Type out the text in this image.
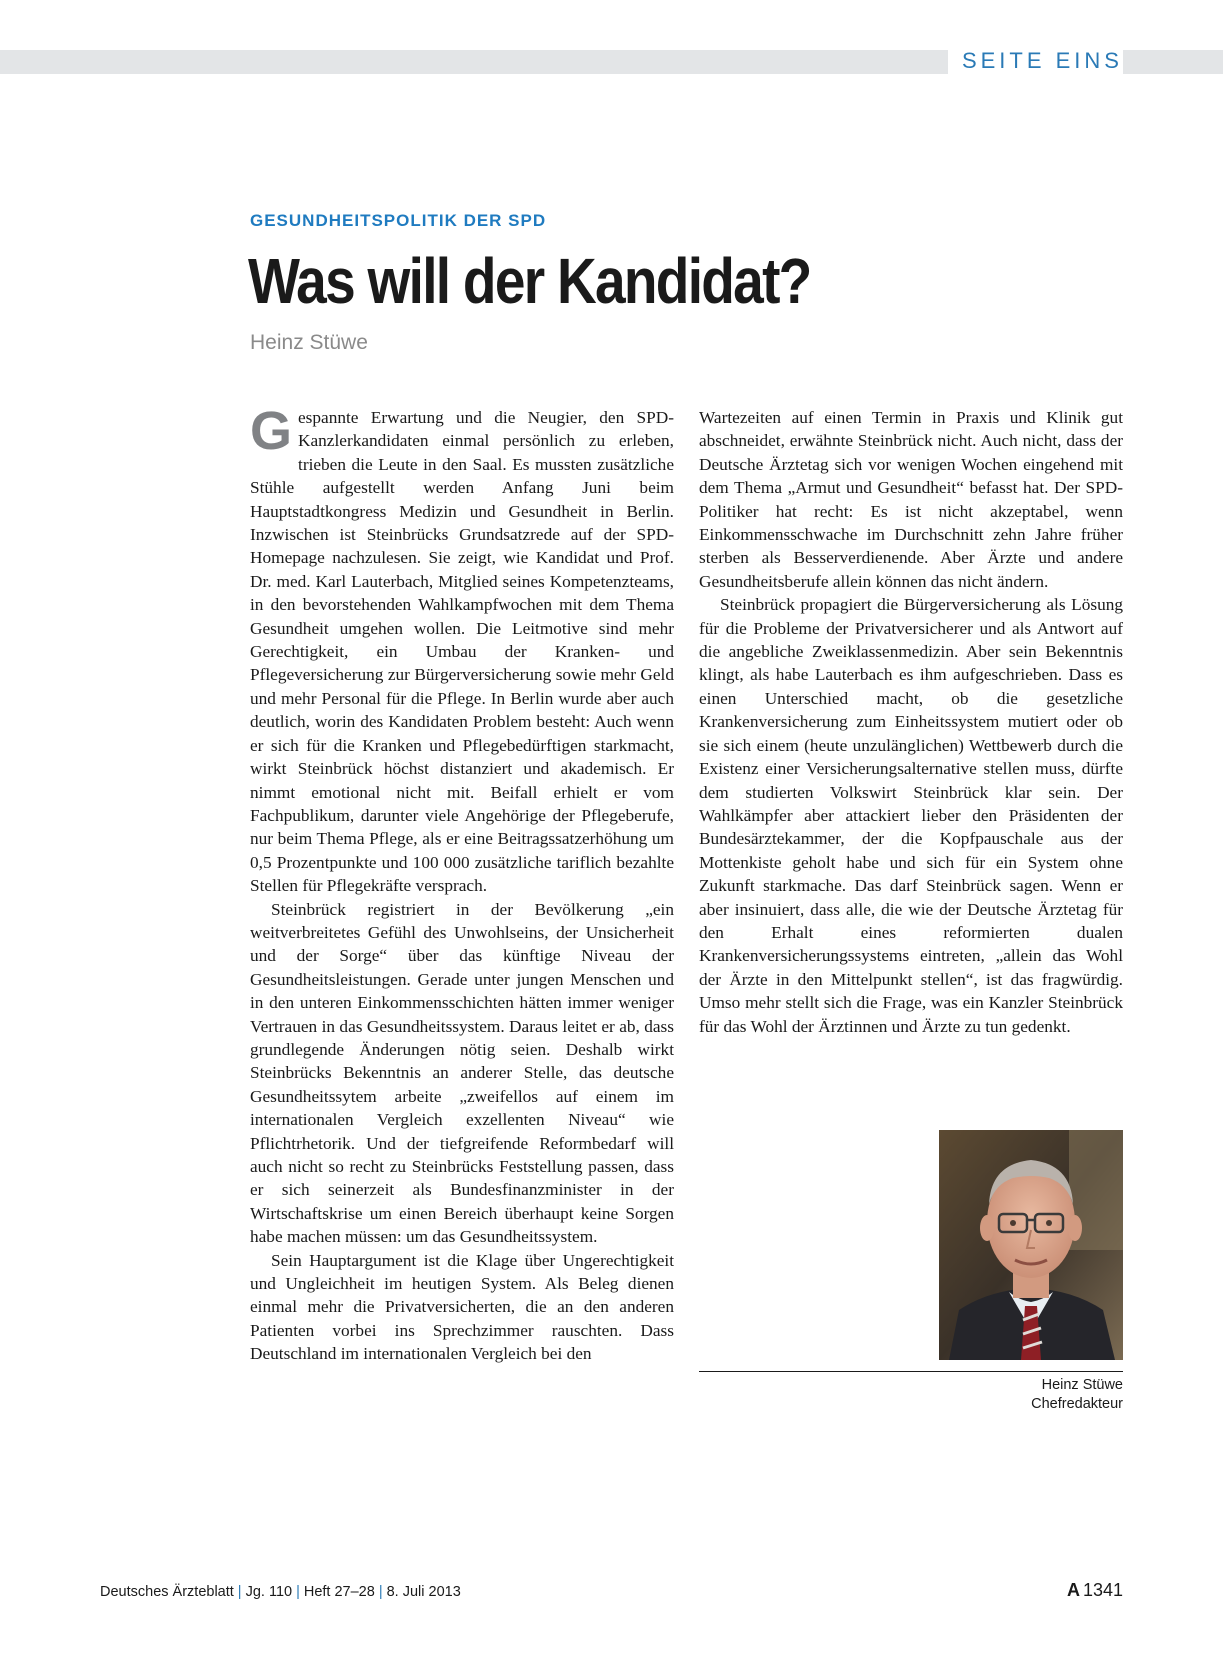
SEITE EINS
GESUNDHEITSPOLITIK DER SPD
Was will der Kandidat?
Heinz Stüwe

Gespannte Erwartung und die Neugier, den SPD-Kanzlerkandidaten einmal persönlich zu erleben, trieben die Leute in den Saal. Es mussten zusätzliche Stühle aufgestellt werden Anfang Juni beim Hauptstadtkongress Medizin und Gesundheit in Berlin. Inzwischen ist Steinbrücks Grundsatzrede auf der SPD-Homepage nachzulesen. Sie zeigt, wie Kandidat und Prof. Dr. med. Karl Lauterbach, Mitglied seines Kompetenzteams, in den bevorstehenden Wahlkampfwochen mit dem Thema Gesundheit umgehen wollen. Die Leitmotive sind mehr Gerechtigkeit, ein Umbau der Kranken- und Pflegeversicherung zur Bürgerversicherung sowie mehr Geld und mehr Personal für die Pflege. In Berlin wurde aber auch deutlich, worin des Kandidaten Problem besteht: Auch wenn er sich für die Kranken und Pflegebedürftigen starkmacht, wirkt Steinbrück höchst distanziert und akademisch. Er nimmt emotional nicht mit. Beifall erhielt er vom Fachpublikum, darunter viele Angehörige der Pflegeberufe, nur beim Thema Pflege, als er eine Beitragssatzerhöhung um 0,5 Prozentpunkte und 100 000 zusätzliche tariflich bezahlte Stellen für Pflegekräfte versprach.

Steinbrück registriert in der Bevölkerung „ein weitverbreitetes Gefühl des Unwohlseins, der Unsicherheit und der Sorge“ über das künftige Niveau der Gesundheitsleistungen. Gerade unter jungen Menschen und in den unteren Einkommensschichten hätten immer weniger Vertrauen in das Gesundheitssystem. Daraus leitet er ab, dass grundlegende Änderungen nötig seien. Deshalb wirkt Steinbrücks Bekenntnis an anderer Stelle, das deutsche Gesundheitssytem arbeite „zweifellos auf einem im internationalen Vergleich exzellenten Niveau“ wie Pflichtrhetorik. Und der tiefgreifende Reformbedarf will auch nicht so recht zu Steinbrücks Feststellung passen, dass er sich seinerzeit als Bundesfinanzminister in der Wirtschaftskrise um einen Bereich überhaupt keine Sorgen habe machen müssen: um das Gesundheitssystem.

Sein Hauptargument ist die Klage über Ungerechtigkeit und Ungleichheit im heutigen System. Als Beleg dienen einmal mehr die Privatversicherten, die an den anderen Patienten vorbei ins Sprechzimmer rauschten. Dass Deutschland im internationalen Vergleich bei den

Wartezeiten auf einen Termin in Praxis und Klinik gut abschneidet, erwähnte Steinbrück nicht. Auch nicht, dass der Deutsche Ärztetag sich vor wenigen Wochen eingehend mit dem Thema „Armut und Gesundheit“ befasst hat. Der SPD-Politiker hat recht: Es ist nicht akzeptabel, wenn Einkommensschwache im Durchschnitt zehn Jahre früher sterben als Besserverdienende. Aber Ärzte und andere Gesundheitsberufe allein können das nicht ändern.

Steinbrück propagiert die Bürgerversicherung als Lösung für die Probleme der Privatversicherer und als Antwort auf die angebliche Zweiklassenmedizin. Aber sein Bekenntnis klingt, als habe Lauterbach es ihm aufgeschrieben. Dass es einen Unterschied macht, ob die gesetzliche Krankenversicherung zum Einheitssystem mutiert oder ob sie sich einem (heute unzulänglichen) Wettbewerb durch die Existenz einer Versicherungsalternative stellen muss, dürfte dem studierten Volkswirt Steinbrück klar sein. Der Wahlkämpfer aber attackiert lieber den Präsidenten der Bundesärztekammer, der die Kopfpauschale aus der Mottenkiste geholt habe und sich für ein System ohne Zukunft starkmache. Das darf Steinbrück sagen. Wenn er aber insinuiert, dass alle, die wie der Deutsche Ärztetag für den Erhalt eines reformierten dualen Krankenversicherungssystems eintreten, „allein das Wohl der Ärzte in den Mittelpunkt stellen“, ist das fragwürdig. Umso mehr stellt sich die Frage, was ein Kanzler Steinbrück für das Wohl der Ärztinnen und Ärzte zu tun gedenkt.

Heinz Stüwe
Chefredakteur
Deutsches Ärzteblatt | Jg. 110 | Heft 27–28 | 8. Juli 2013	A 1341
